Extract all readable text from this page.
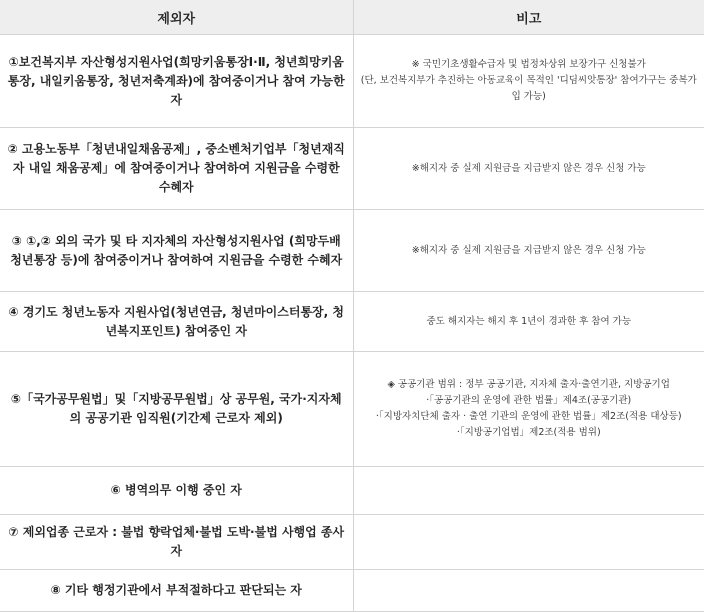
제외자	비고
①보건복지부 자산형성지원사업(희망키움통장Ⅰ·Ⅱ, 청년희망키움통장, 내일키움통장, 청년저축계좌)에 참여중이거나 참여 가능한 자	※ 국민기초생활수급자 및 법정차상위 보장가구 신청불가
(단, 보건복지부가 추진하는 아동교육이 목적인 '디딤씨앗통장' 참여가구는 중복가입 가능)

② 고용노동부「청년내일채움공제」, 중소벤처기업부「청년재직자 내일 채움공제」에 참여중이거나 참여하여 지원금을 수령한 수혜자	※해지자 중 실제 지원금을 지급받지 않은 경우 신청 가능

③ ①,② 외의 국가 및 타 지자체의 자산형성지원사업 (희망두배청년통장 등)에 참여중이거나 참여하여 지원금을 수령한 수혜자	※해지자 중 실제 지원금을 지급받지 않은 경우 신청 가능

④ 경기도 청년노동자 지원사업(청년연금, 청년마이스터통장, 청년복지포인트) 참여중인 자	중도 해지자는 해지 후 1년이 경과한 후 참여 가능

⑤「국가공무원법」및「지방공무원법」상 공무원, 국가·지자체의 공공기관 임직원(기간제 근로자 제외)	◈ 공공기관 범위 : 정부 공공기관, 지자체 출자·출연기관, 지방공기업
·「공공기관의 운영에 관한 법률」제4조(공공기관)
·「지방자치단체 출자 · 출연 기관의 운영에 관한 법률」제2조(적용 대상등)
·「지방공기업법」제2조(적용 범위)

⑥ 병역의무 이행 중인 자	
⑦ 제외업종 근로자 : 불법 향락업체·불법 도박·불법 사행업 종사자	
⑧ 기타 행정기관에서 부적절하다고 판단되는 자	
